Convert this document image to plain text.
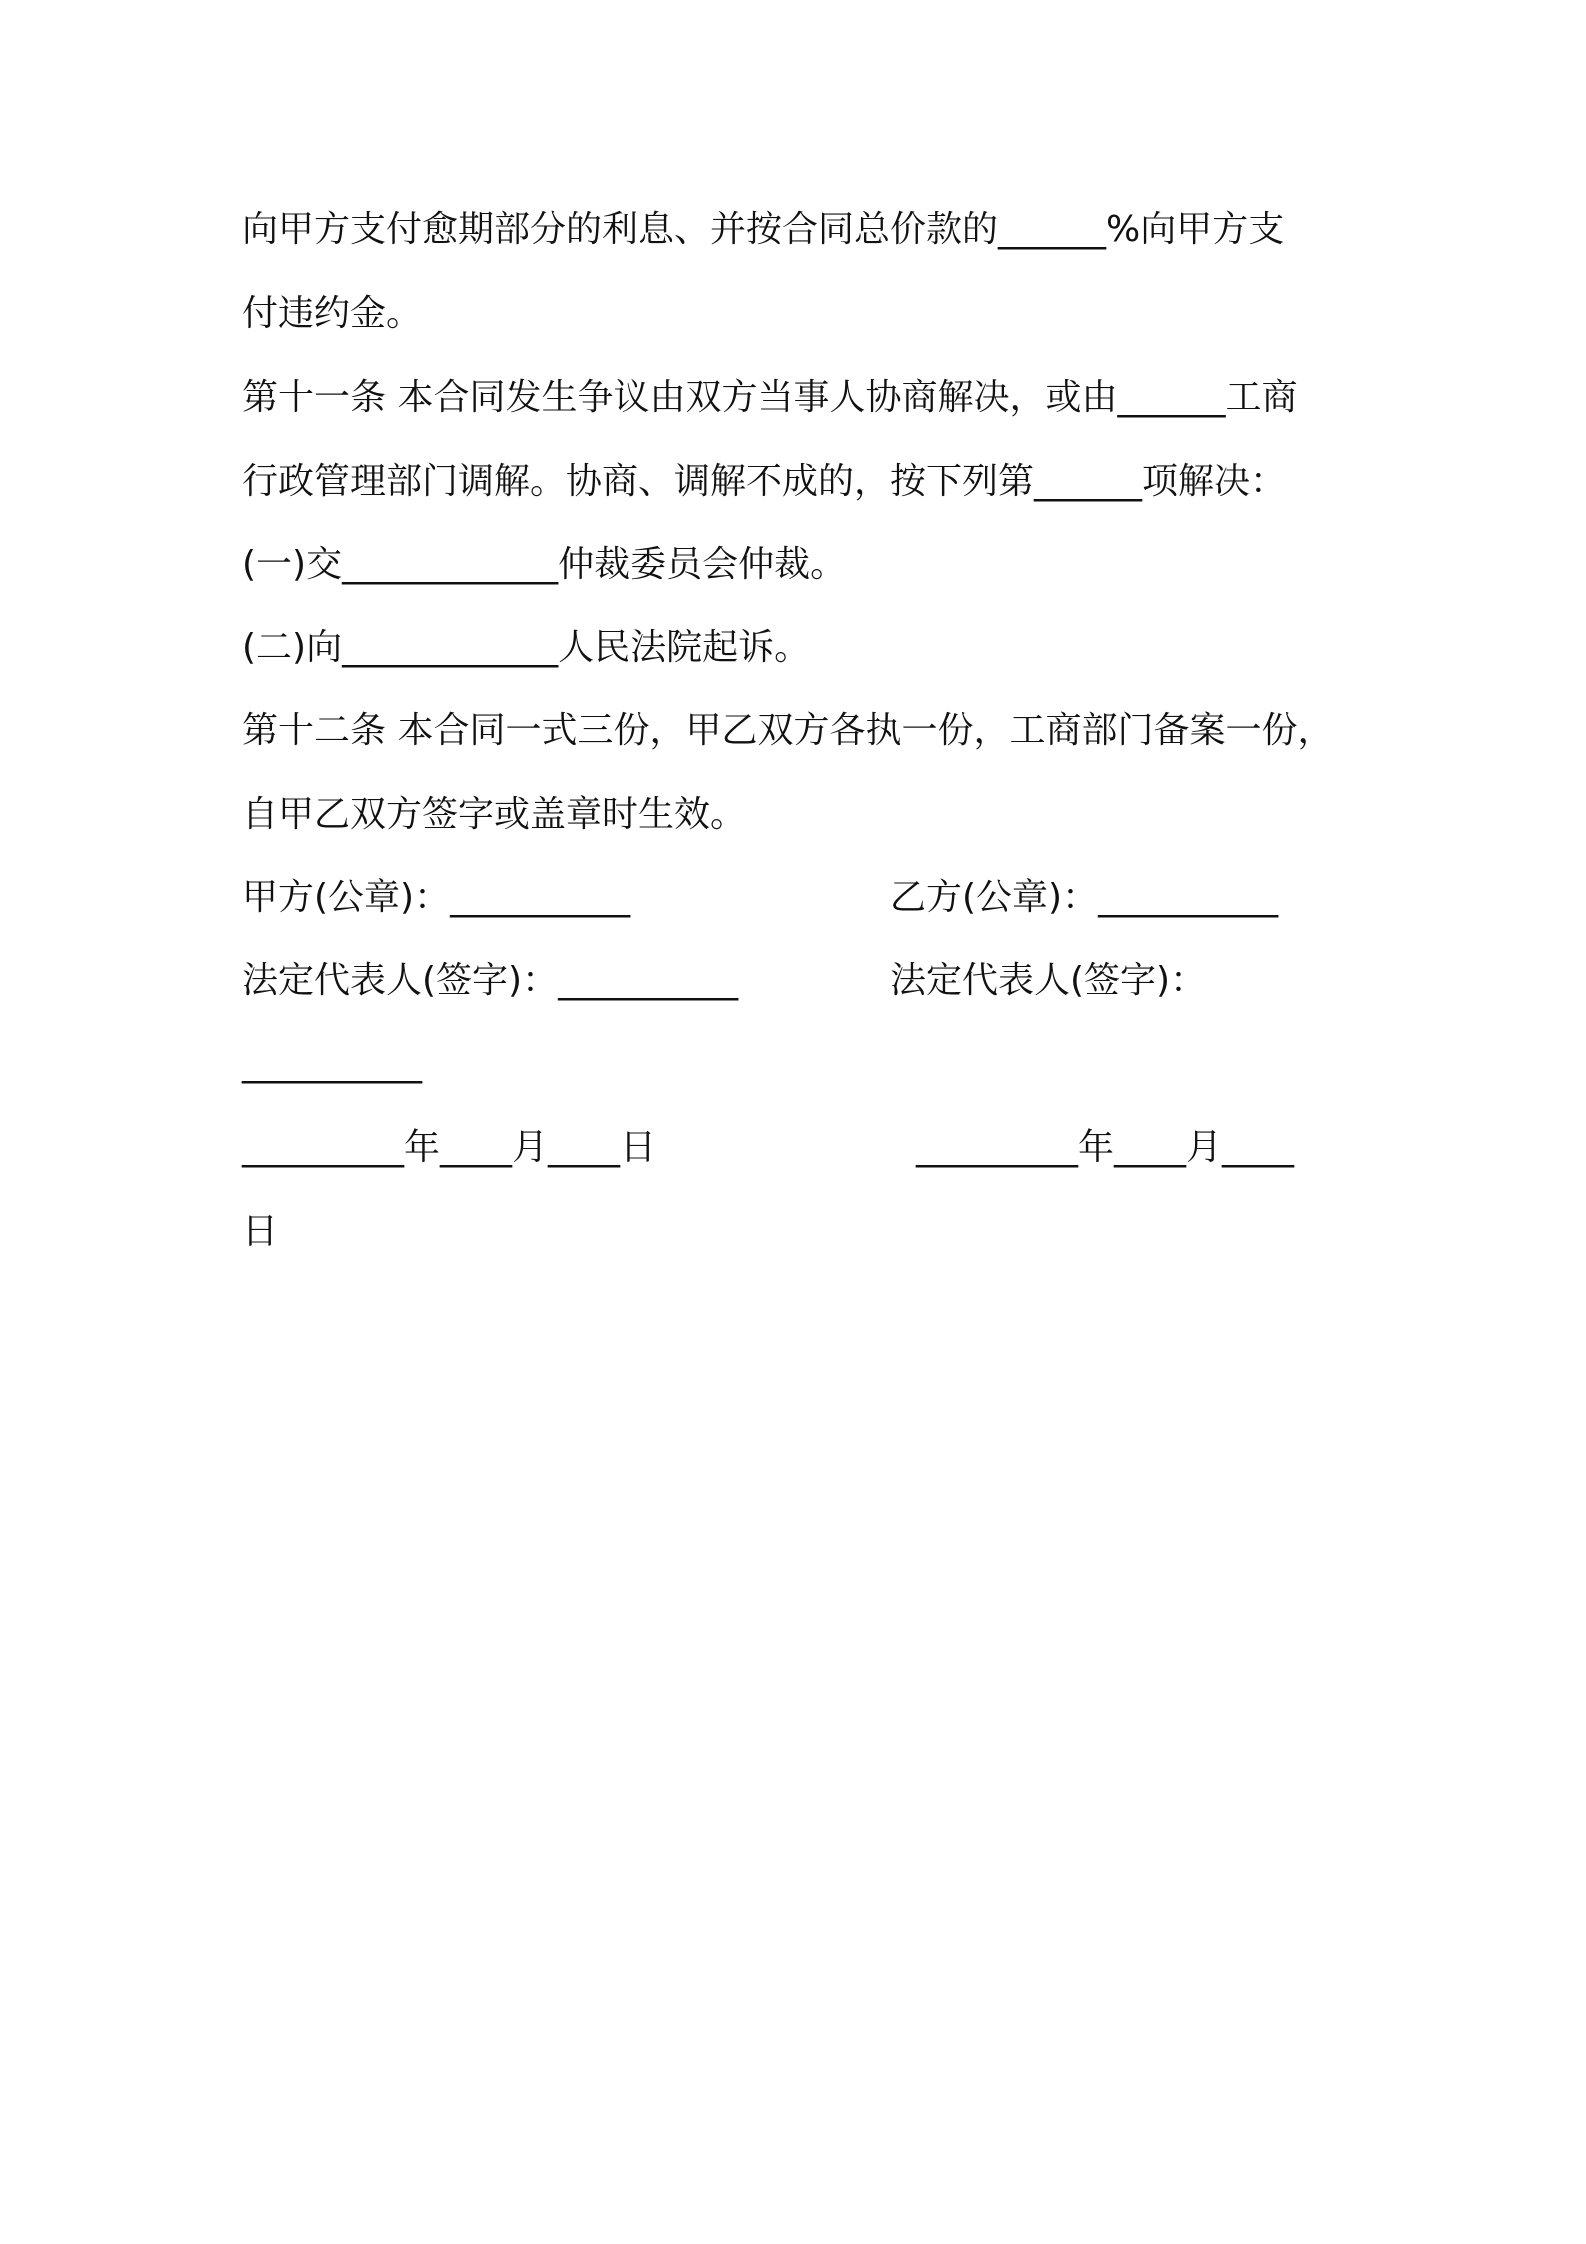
向甲方支付愈期部分的利息、并按合同总价款的______%向甲方支
付违约金。
第十一条 本合同发生争议由双方当事人协商解决，或由______工商
行政管理部门调解。协商、调解不成的，按下列第______项解决：
(一)交____________仲裁委员会仲裁。
(二)向____________人民法院起诉。
第十二条 本合同一式三份，甲乙双方各执一份，工商部门备案一份，
自甲乙双方签字或盖章时生效。
甲方(公章)：__________	乙方(公章)：__________
法定代表人(签字)：__________	法定代表人(签字)：
__________
_________年____月____日	_________年____月____
日
